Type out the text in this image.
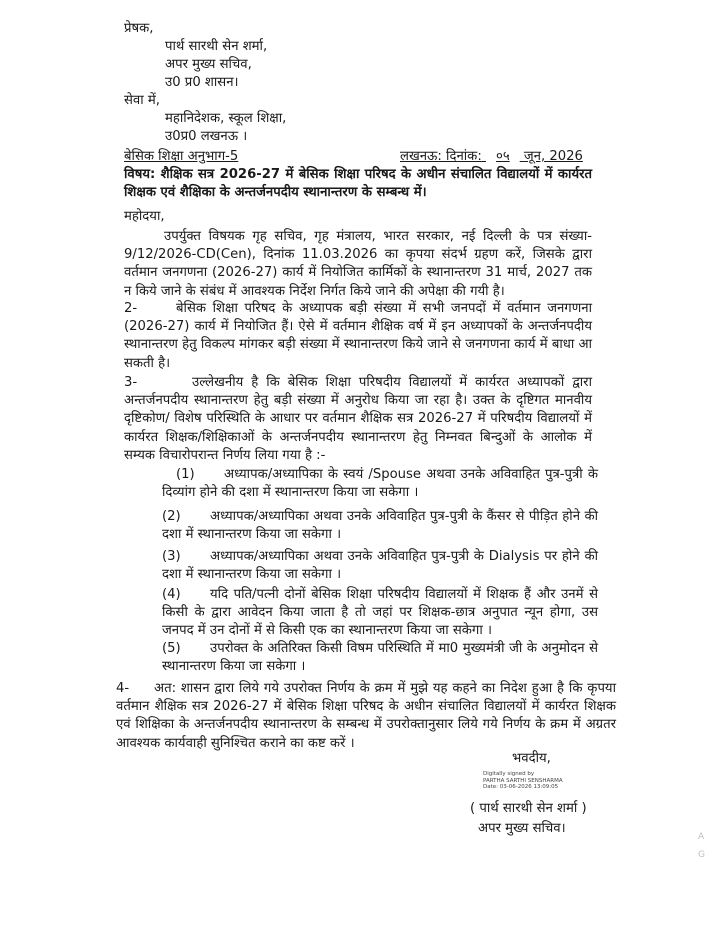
प्रेषक,
पार्थ सारथी सेन शर्मा,
अपर मुख्य सचिव,
उ0 प्र0 शासन।
सेवा में,
महानिदेशक, स्कूल शिक्षा,
उ0प्र0 लखनऊ ।
बेसिक शिक्षा अनुभाग-5	लखनऊ: दिनांक: ०५ जून, 2026
विषय: शैक्षिक सत्र 2026-27 में बेसिक शिक्षा परिषद के अधीन संचालित विद्यालयों में कार्यरत शिक्षक एवं शैक्षिका के अन्तर्जनपदीय स्थानान्तरण के सम्बन्ध में।
महोदया,
उपर्युक्त विषयक गृह सचिव, गृह मंत्रालय, भारत सरकार, नई दिल्ली के पत्र संख्या- 9/12/2026-CD(Cen), दिनांक 11.03.2026 का कृपया संदर्भ ग्रहण करें, जिसके द्वारा वर्तमान जनगणना (2026-27) कार्य में नियोजित कार्मिकों के स्थानान्तरण 31 मार्च, 2027 तक न किये जाने के संबंध में आवश्यक निर्देश निर्गत किये जाने की अपेक्षा की गयी है।
2-	बेसिक शिक्षा परिषद के अध्यापक बड़ी संख्या में सभी जनपदों में वर्तमान जनगणना (2026-27) कार्य में नियोजित हैं। ऐसे में वर्तमान शैक्षिक वर्ष में इन अध्यापकों के अन्तर्जनपदीय स्थानान्तरण हेतु विकल्प मांगकर बड़ी संख्या में स्थानान्तरण किये जाने से जनगणना कार्य में बाधा आ सकती है।
3-	उल्लेखनीय है कि बेसिक शिक्षा परिषदीय विद्यालयों में कार्यरत अध्यापकों द्वारा अन्तर्जनपदीय स्थानान्तरण हेतु बड़ी संख्या में अनुरोध किया जा रहा है। उक्त के दृष्टिगत मानवीय दृष्टिकोण/ विशेष परिस्थिति के आधार पर वर्तमान शैक्षिक सत्र 2026-27 में परिषदीय विद्यालयों में कार्यरत शिक्षक/शिक्षिकाओं के अन्तर्जनपदीय स्थानान्तरण हेतु निम्नवत बिन्दुओं के आलोक में सम्यक विचारोपरान्त निर्णय लिया गया है :-
(1)	अध्यापक/अध्यापिका के स्वयं /Spouse अथवा उनके अविवाहित पुत्र-पुत्री के दिव्यांग होने की दशा में स्थानान्तरण किया जा सकेगा ।
(2)	अध्यापक/अध्यापिका अथवा उनके अविवाहित पुत्र-पुत्री के कैंसर से पीड़ित होने की दशा में स्थानान्तरण किया जा सकेगा ।
(3)	अध्यापक/अध्यापिका अथवा उनके अविवाहित पुत्र-पुत्री के Dialysis पर होने की दशा में स्थानान्तरण किया जा सकेगा ।
(4)	यदि पति/पत्नी दोनों बेसिक शिक्षा परिषदीय विद्यालयों में शिक्षक हैं और उनमें से किसी के द्वारा आवेदन किया जाता है तो जहां पर शिक्षक-छात्र अनुपात न्यून होगा, उस जनपद में उन दोनों में से किसी एक का स्थानान्तरण किया जा सकेगा ।
(5)	उपरोक्त के अतिरिक्त किसी विषम परिस्थिति में मा0 मुख्यमंत्री जी के अनुमोदन से स्थानान्तरण किया जा सकेगा ।
4-	अत: शासन द्वारा लिये गये उपरोक्त निर्णय के क्रम में मुझे यह कहने का निदेश हुआ है कि कृपया वर्तमान शैक्षिक सत्र 2026-27 में बेसिक शिक्षा परिषद के अधीन संचालित विद्यालयों में कार्यरत शिक्षक एवं शिक्षिका के अन्तर्जनपदीय स्थानान्तरण के सम्बन्ध में उपरोक्तानुसार लिये गये निर्णय के क्रम में अग्रतर आवश्यक कार्यवाही सुनिश्चित कराने का कष्ट करें ।
भवदीय,
Digitally signed by
PARTHA SARTHI SENSHARMA
Date: 03-06-2026 13:09:05
( पार्थ सारथी सेन शर्मा )
अपर मुख्य सचिव।
A
G
